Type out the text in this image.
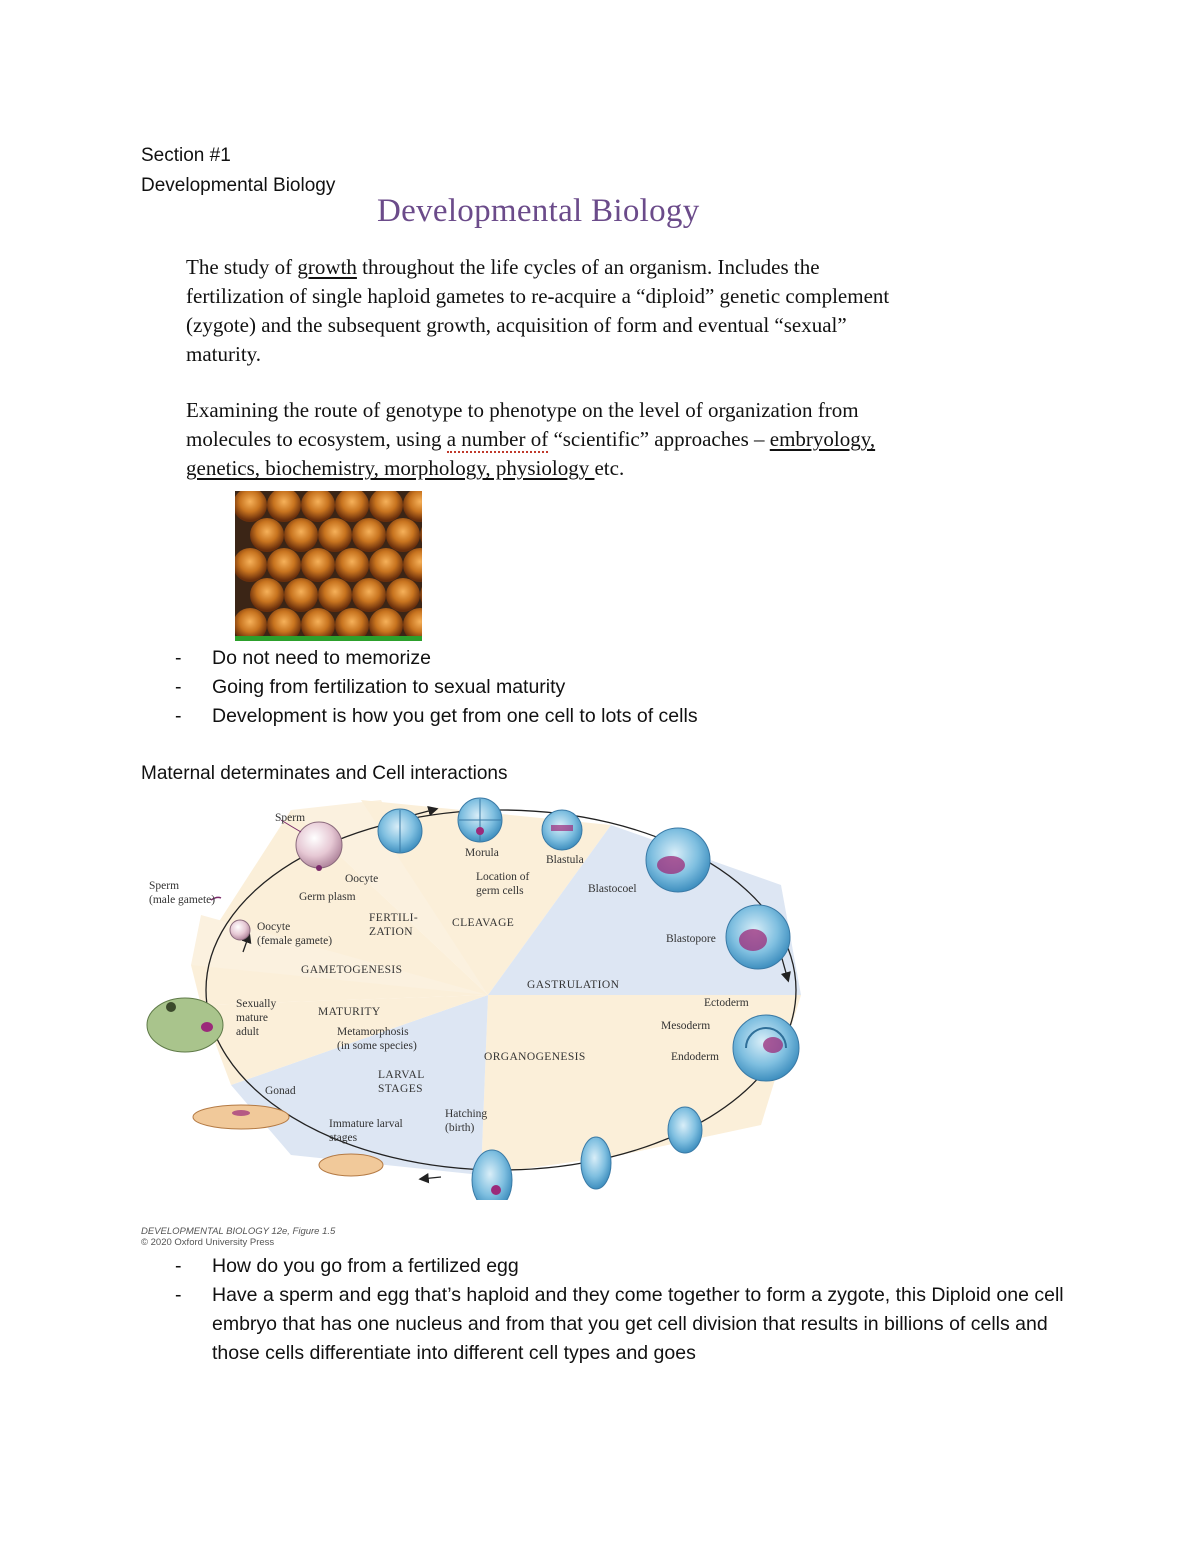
Section #1
Developmental Biology
Developmental Biology
The study of growth throughout the life cycles of an organism. Includes the fertilization of single haploid gametes to re-acquire a “diploid” genetic complement (zygote) and the subsequent growth, acquisition of form and eventual “sexual” maturity.
Examining the route of genotype to phenotype on the level of organization from molecules to ecosystem, using a number of “scientific” approaches – embryology, genetics, biochemistry, morphology, physiology etc.
- Do not need to memorize
- Going from fertilization to sexual maturity
- Development is how you get from one cell to lots of cells
Maternal determinates and Cell interactions
FERTILI-
ZATION
CLEAVAGE
GASTRULATION
ORGANOGENESIS
LARVAL
STAGES
MATURITY
GAMETOGENESIS
Sperm
Oocyte
Germ plasm
Morula
Blastula
Location of
germ cells	Blastocoel
Blastopore
Ectoderm
Mesoderm
Endoderm
Hatching
(birth)
Immature larval
stages
Gonad
Metamorphosis
(in some species)
Sexually
mature
adult
Oocyte
(female gamete)
Sperm
(male gamete)
DEVELOPMENTAL BIOLOGY 12e, Figure 1.5
© 2020 Oxford University Press
- How do you go from a fertilized egg
- Have a sperm and egg that’s haploid and they come together to form a zygote, this Diploid one cell embryo that has one nucleus and from that you get cell division that results in billions of cells and those cells differentiate into different cell types and goes
